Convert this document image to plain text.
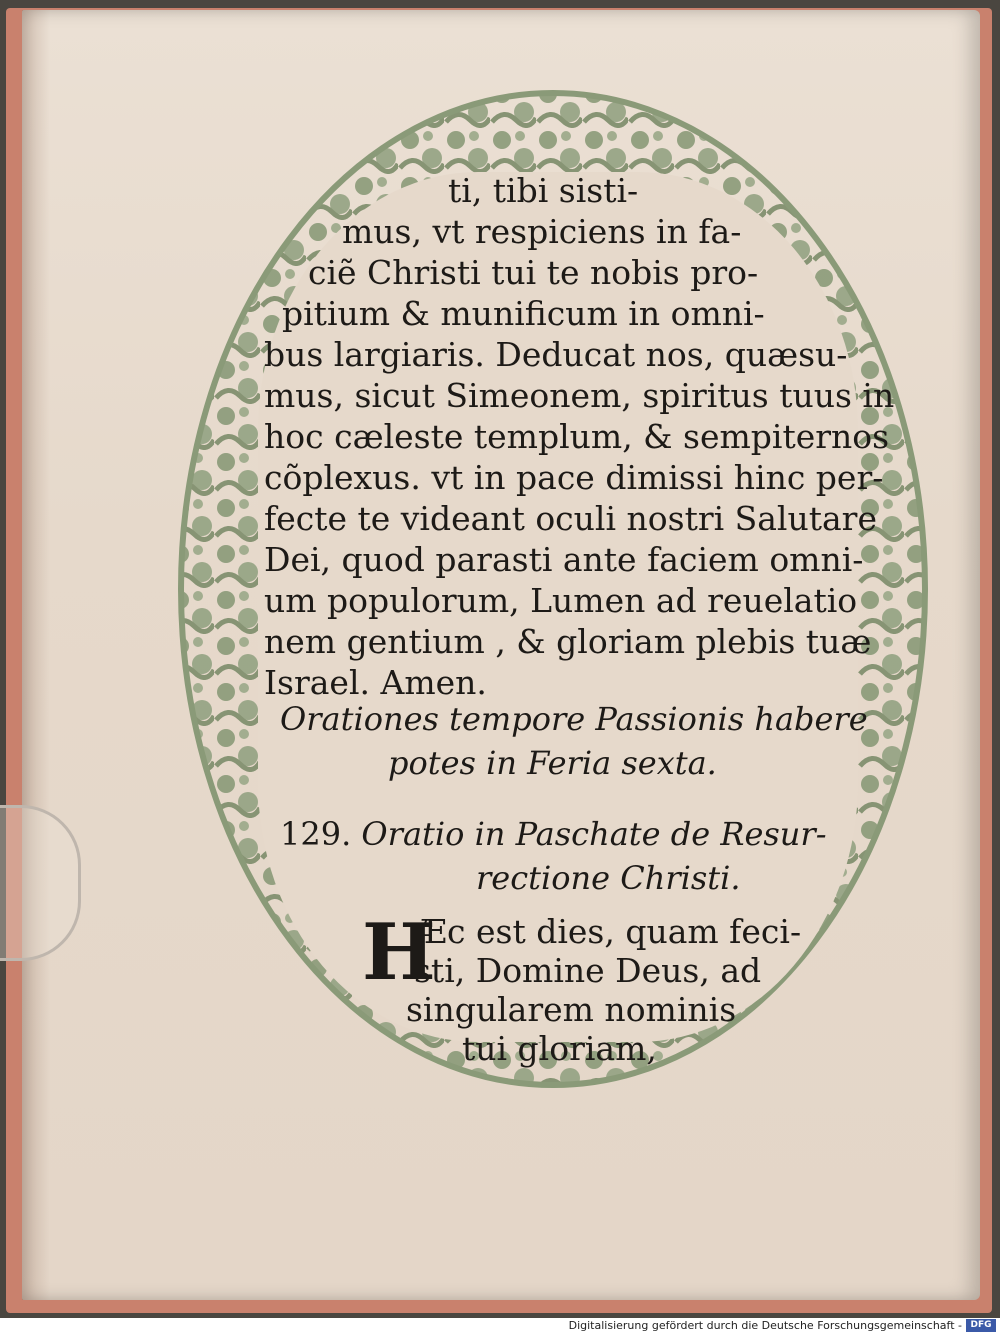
ti, tibi sisti-
mus, vt respiciens in fa-
ciẽ Christi tui te nobis pro-
pitium & munificum in omni-
bus largiaris. Deducat nos, quæsu-
mus, sicut Simeonem, spiritus tuus in
hoc cæleste templum, & sempiternos
cõplexus. vt in pace dimissi hinc per-
fecte te videant oculi nostri Salutare
Dei, quod parasti ante faciem omni-
um populorum, Lumen ad reuelatio
nem gentium , & gloriam plebis tuæ
Israel. Amen.
Orationes tempore Passionis habere
potes in Feria sexta.
129. Oratio in Paschate de Resur-
rectione Christi.
H
Æc est dies, quam feci-
sti, Domine Deus, ad
singularem nominis
tui gloriam,
Digitalisierung gefördert durch die Deutsche Forschungsgemeinschaft - DFG
